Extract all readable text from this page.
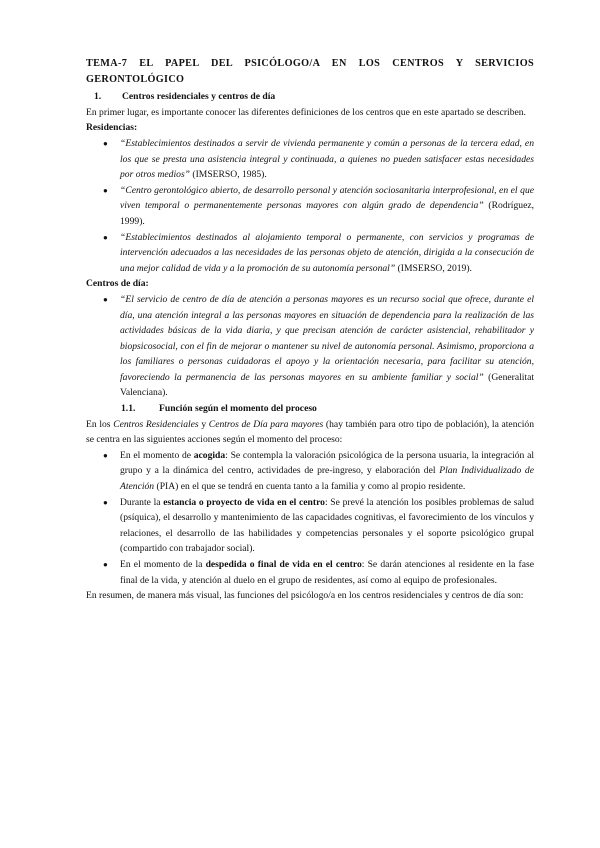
TEMA-7 EL PAPEL DEL PSICÓLOGO/A EN LOS CENTROS Y SERVICIOS GERONTOLÓGICO

1.	Centros residenciales y centros de día

En primer lugar, es importante conocer las diferentes definiciones de los centros que en este apartado se describen.

Residencias:

● “Establecimientos destinados a servir de vivienda permanente y común a personas de la tercera edad, en los que se presta una asistencia integral y continuada, a quienes no pueden satisfacer estas necesidades por otros medios” (IMSERSO, 1985).
● “Centro gerontológico abierto, de desarrollo personal y atención sociosanitaria interprofesional, en el que viven temporal o permanentemente personas mayores con algún grado de dependencia” (Rodríguez, 1999).
● “Establecimientos destinados al alojamiento temporal o permanente, con servicios y programas de intervención adecuados a las necesidades de las personas objeto de atención, dirigida a la consecución de una mejor calidad de vida y a la promoción de su autonomía personal” (IMSERSO, 2019).

Centros de día:

● “El servicio de centro de día de atención a personas mayores es un recurso social que ofrece, durante el día, una atención integral a las personas mayores en situación de dependencia para la realización de las actividades básicas de la vida diaria, y que precisan atención de carácter asistencial, rehabilitador y biopsicosocial, con el fin de mejorar o mantener su nivel de autonomía personal. Asimismo, proporciona a los familiares o personas cuidadoras el apoyo y la orientación necesaria, para facilitar su atención, favoreciendo la permanencia de las personas mayores en su ambiente familiar y social” (Generalitat Valenciana).
1.1.	Función según el momento del proceso

En los Centros Residenciales y Centros de Día para mayores (hay también para otro tipo de población), la atención se centra en las siguientes acciones según el momento del proceso:

● En el momento de acogida: Se contempla la valoración psicológica de la persona usuaria, la integración al grupo y a la dinámica del centro, actividades de pre-ingreso, y elaboración del Plan Individualizado de Atención (PIA) en el que se tendrá en cuenta tanto a la familia y como al propio residente.
● Durante la estancia o proyecto de vida en el centro: Se prevé la atención los posibles problemas de salud (psíquica), el desarrollo y mantenimiento de las capacidades cognitivas, el favorecimiento de los vínculos y relaciones, el desarrollo de las habilidades y competencias personales y el soporte psicológico grupal (compartido con trabajador social).
● En el momento de la despedida o final de vida en el centro: Se darán atenciones al residente en la fase final de la vida, y atención al duelo en el grupo de residentes, así como al equipo de profesionales.

En resumen, de manera más visual, las funciones del psicólogo/a en los centros residenciales y centros de día son:
